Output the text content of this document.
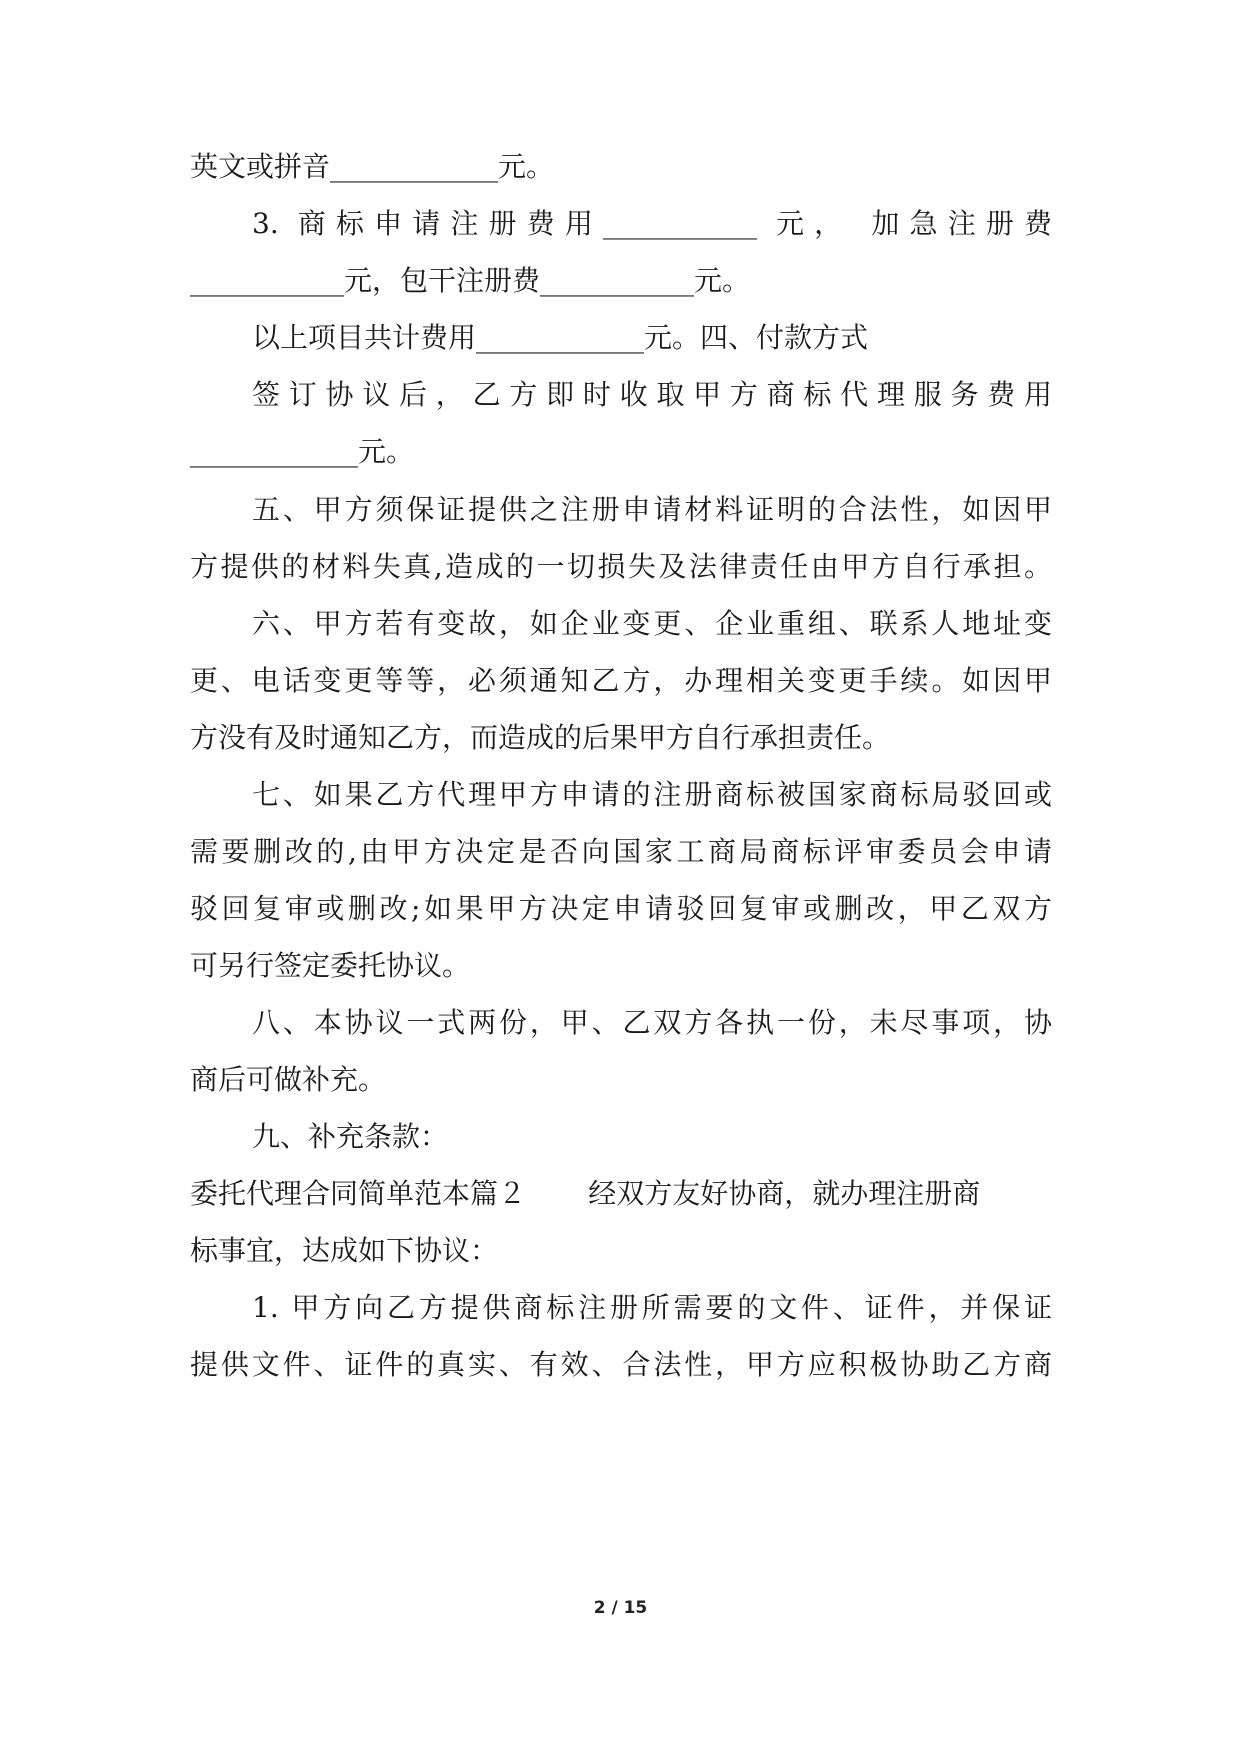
英文或拼音____________元。
3. 商标申请注册费用___________ 元， 加急注册费
___________元，包干注册费___________元。
以上项目共计费用____________元。四、付款方式
签订协议后，乙方即时收取甲方商标代理服务费用
____________元。
五、甲方须保证提供之注册申请材料证明的合法性，如因甲
方提供的材料失真,造成的一切损失及法律责任由甲方自行承担。
六、甲方若有变故，如企业变更、企业重组、联系人地址变
更、电话变更等等，必须通知乙方，办理相关变更手续。如因甲
方没有及时通知乙方，而造成的后果甲方自行承担责任。
七、如果乙方代理甲方申请的注册商标被国家商标局驳回或
需要删改的,由甲方决定是否向国家工商局商标评审委员会申请
驳回复审或删改;如果甲方决定申请驳回复审或删改，甲乙双方
可另行签定委托协议。
八、本协议一式两份，甲、乙双方各执一份，未尽事项，协
商后可做补充。
九、补充条款：
委托代理合同简单范本篇２       经双方友好协商，就办理注册商
标事宜，达成如下协议：
1. 甲方向乙方提供商标注册所需要的文件、证件，并保证
提供文件、证件的真实、有效、合法性，甲方应积极协助乙方商
2 / 15
